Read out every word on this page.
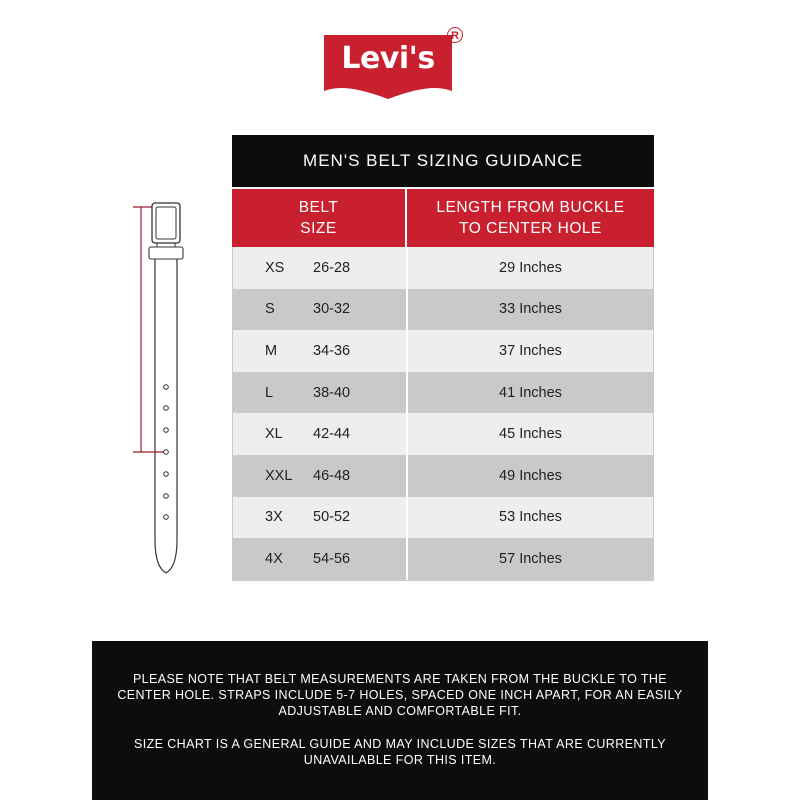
Levi's
R
MEN'S BELT SIZING GUIDANCE
BELT SIZE
LENGTH FROM BUCKLE TO CENTER HOLE
XS 26-28	29 Inches
S	30-32	33 Inches
M 34-36	37 Inches
L	38-40	41 Inches
XL 42-44	45 Inches
XXL 46-48	49 Inches
3X 50-52	53 Inches
4X 54-56	57 Inches

PLEASE NOTE THAT BELT MEASUREMENTS ARE TAKEN FROM THE BUCKLE TO THE CENTER HOLE. STRAPS INCLUDE 5-7 HOLES, SPACED ONE INCH APART, FOR AN EASILY ADJUSTABLE AND COMFORTABLE FIT.

SIZE CHART IS A GENERAL GUIDE AND MAY INCLUDE SIZES THAT ARE CURRENTLY UNAVAILABLE FOR THIS ITEM.
